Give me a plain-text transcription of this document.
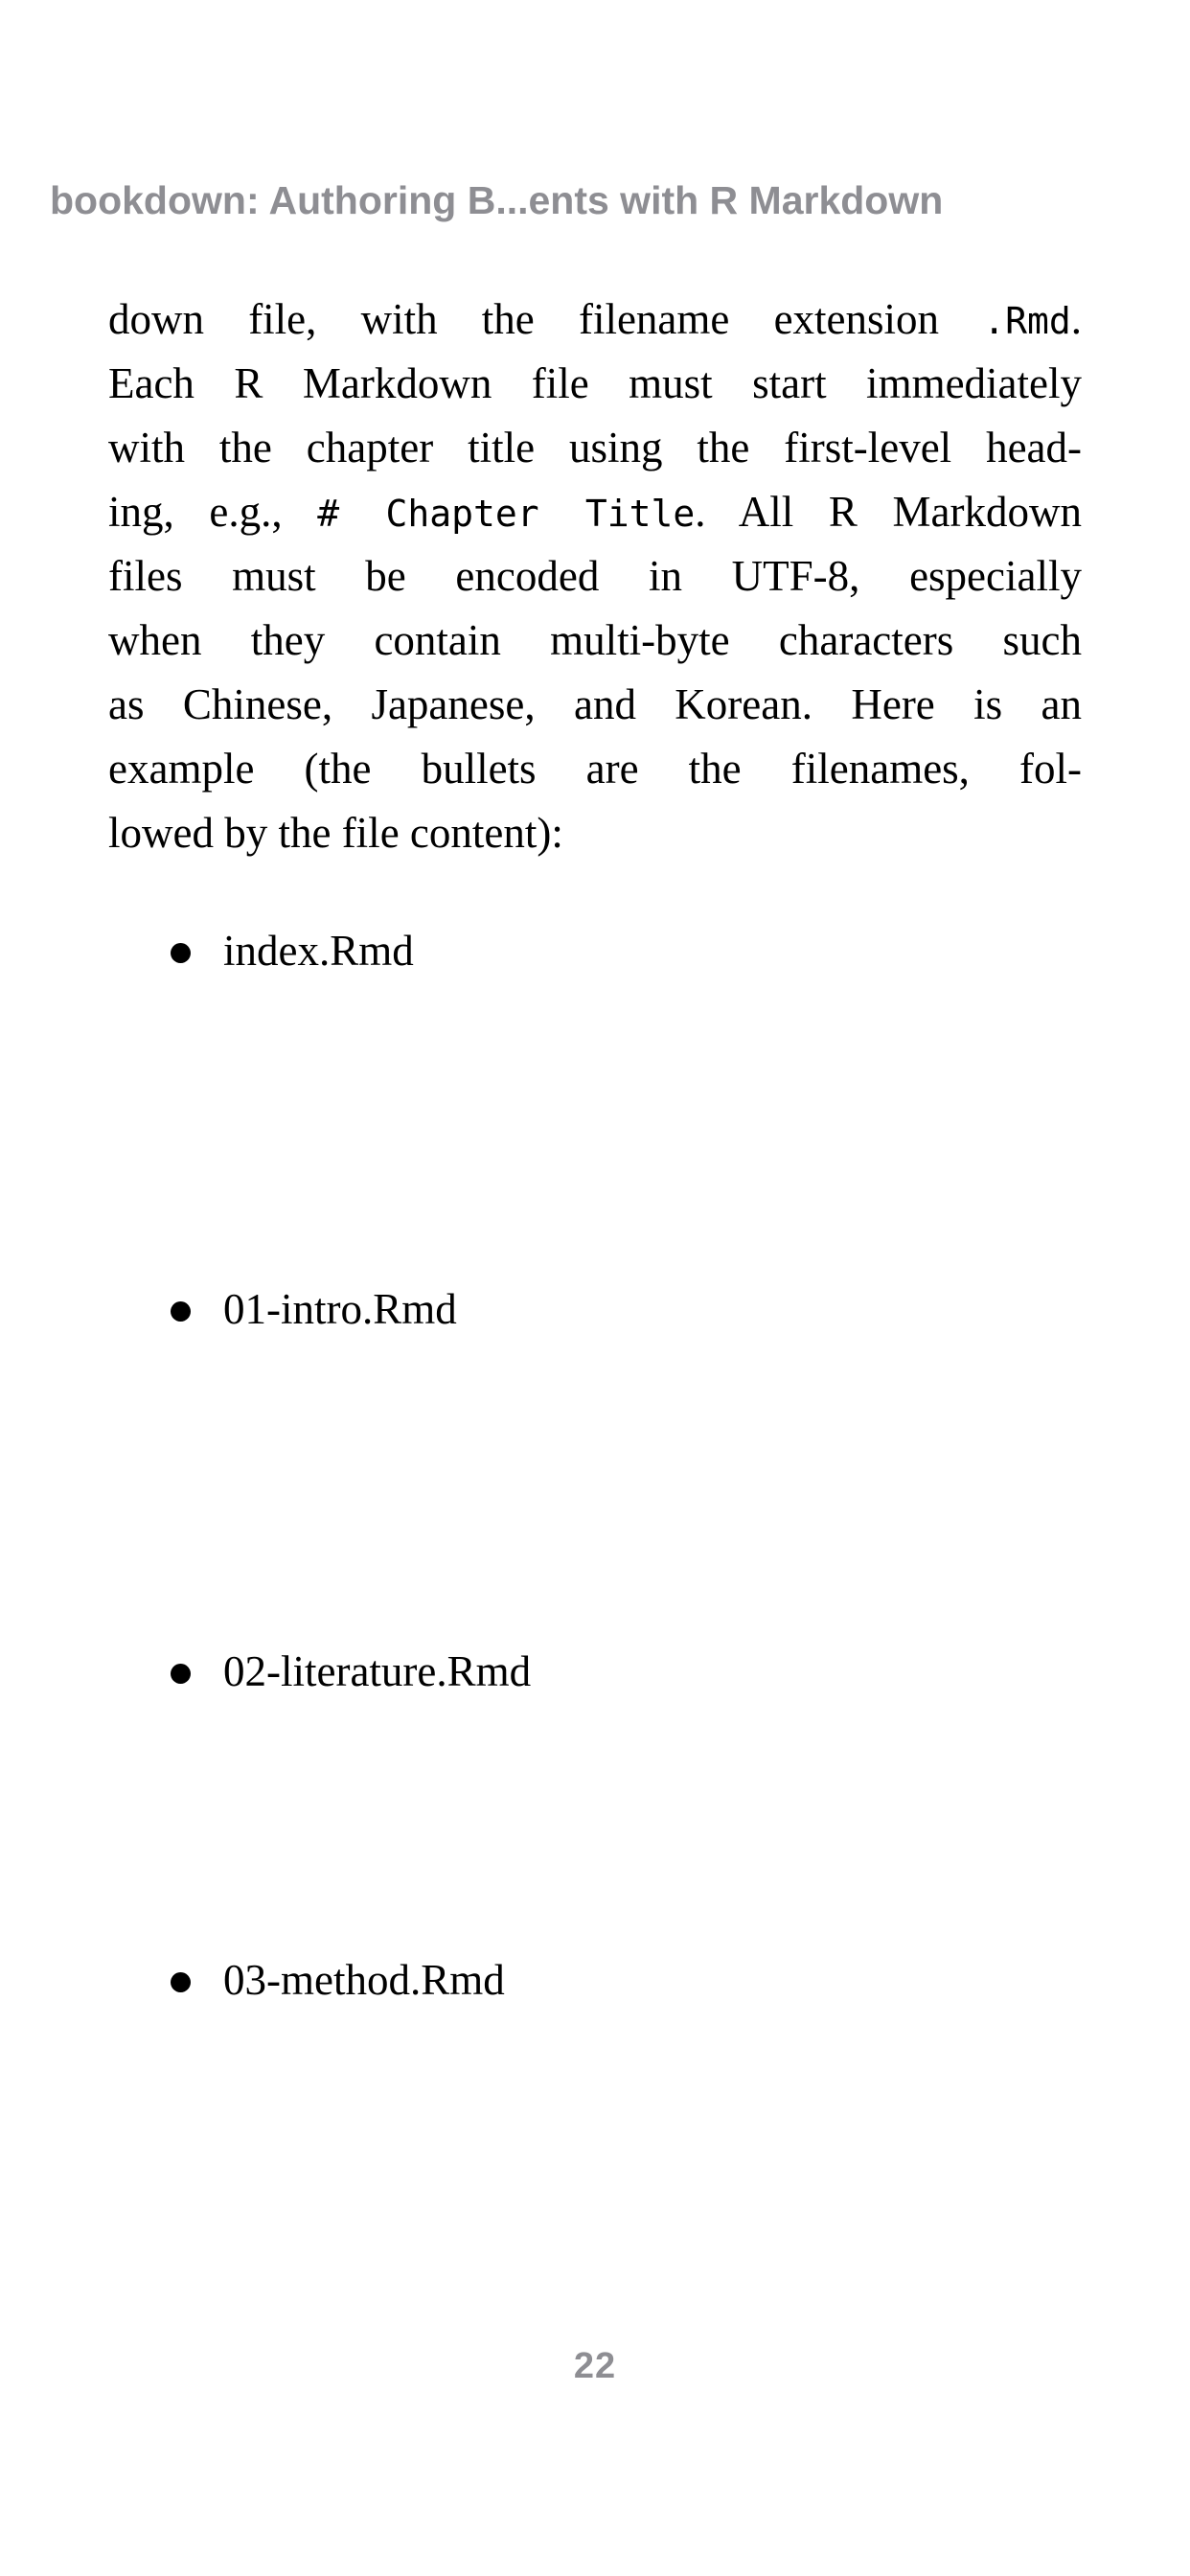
bookdown: Authoring B...ents with R Markdown
down file, with the filename extension .Rmd.
Each R Markdown file must start immediately
with the chapter title using the first-level head-
ing, e.g., # Chapter Title. All R Markdown
files must be encoded in UTF-8, especially
when they contain multi-byte characters such
as Chinese, Japanese, and Korean. Here is an
example (the bullets are the filenames, fol-
lowed by the file content):
index.Rmd
01-intro.Rmd
02-literature.Rmd
03-method.Rmd
22
